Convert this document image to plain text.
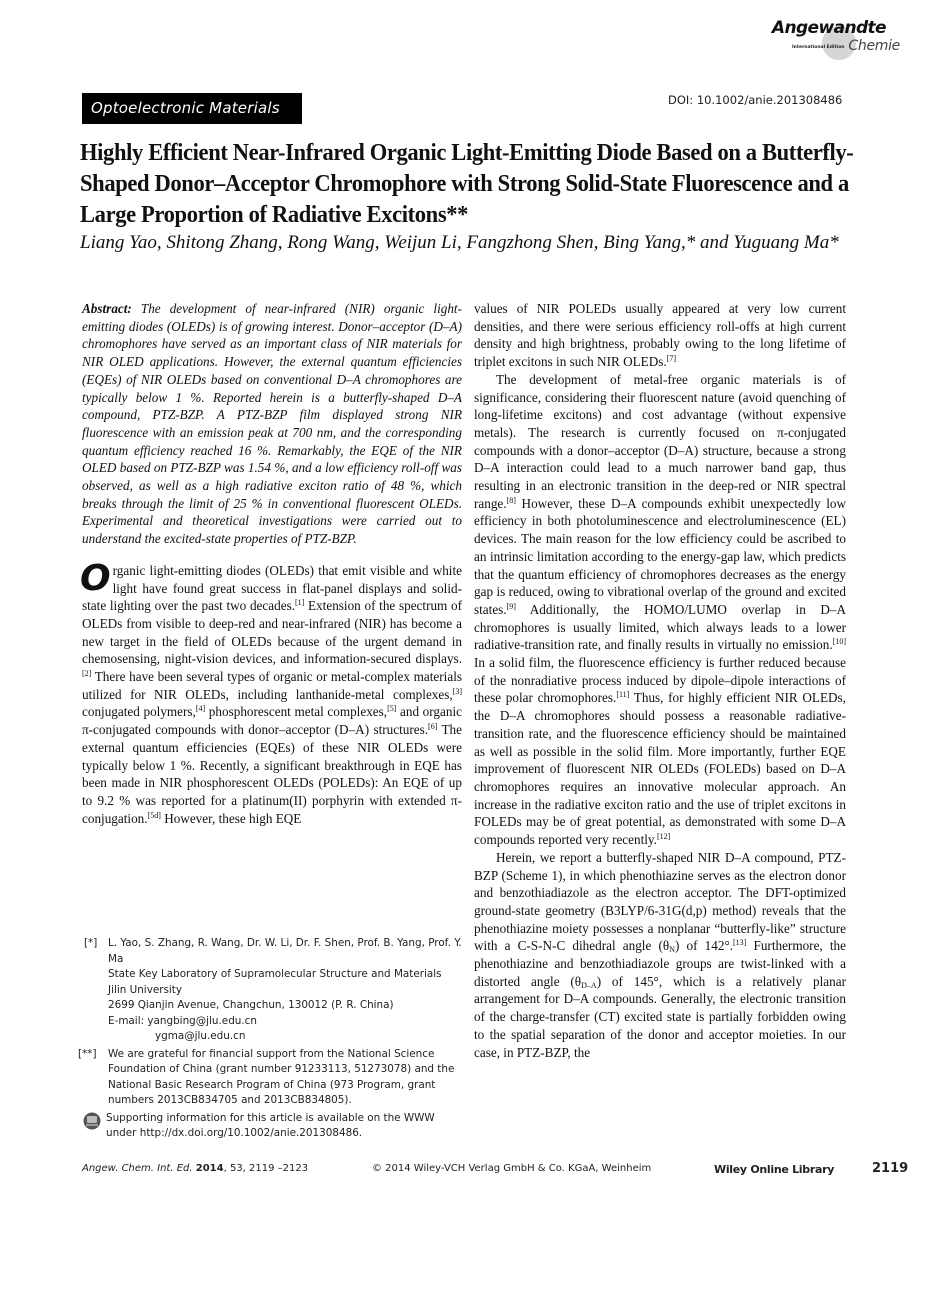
Angewandte
International Edition Chemie
Optoelectronic Materials	DOI: 10.1002/anie.201308486
Highly Efficient Near-Infrared Organic Light-Emitting Diode Based on a Butterfly-Shaped Donor–Acceptor Chromophore with Strong Solid-State Fluorescence and a Large Proportion of Radiative Excitons**
Liang Yao, Shitong Zhang, Rong Wang, Weijun Li, Fangzhong Shen, Bing Yang,* and Yuguang Ma*

Abstract: The development of near-infrared (NIR) organic light-emitting diodes (OLEDs) is of growing interest. Donor–acceptor (D–A) chromophores have served as an important class of NIR materials for NIR OLED applications. However, the external quantum efficiencies (EQEs) of NIR OLEDs based on conventional D–A chromophores are typically below 1 %. Reported herein is a butterfly-shaped D–A compound, PTZ-BZP. A PTZ-BZP film displayed strong NIR fluorescence with an emission peak at 700 nm, and the corresponding quantum efficiency reached 16 %. Remarkably, the EQE of the NIR OLED based on PTZ-BZP was 1.54 %, and a low efficiency roll-off was observed, as well as a high radiative exciton ratio of 48 %, which breaks through the limit of 25 % in conventional fluorescent OLEDs. Experimental and theoretical investigations were carried out to understand the excited-state properties of PTZ-BZP.

Organic light-emitting diodes (OLEDs) that emit visible and white light have found great success in flat-panel displays and solid-state lighting over the past two decades.[1] Extension of the spectrum of OLEDs from visible to deep-red and near-infrared (NIR) has become a new target in the field of OLEDs because of the urgent demand in chemosensing, night-vision devices, and information-secured displays.[2] There have been several types of organic or metal-complex materials utilized for NIR OLEDs, including lanthanide-metal complexes,[3] conjugated polymers,[4] phosphorescent metal complexes,[5] and organic π-conjugated compounds with donor–acceptor (D–A) structures.[6] The external quantum efficiencies (EQEs) of these NIR OLEDs were typically below 1 %. Recently, a significant breakthrough in EQE has been made in NIR phosphorescent OLEDs (POLEDs): An EQE of up to 9.2 % was reported for a platinum(II) porphyrin with extended π-conjugation.[5d] However, these high EQE

values of NIR POLEDs usually appeared at very low current densities, and there were serious efficiency roll-offs at high current density and high brightness, probably owing to the long lifetime of triplet excitons in such NIR OLEDs.[7]

The development of metal-free organic materials is of significance, considering their fluorescent nature (avoid quenching of long-lifetime excitons) and cost advantage (without expensive metals). The research is currently focused on π-conjugated compounds with a donor–acceptor (D–A) structure, because a strong D–A interaction could lead to a much narrower band gap, thus resulting in an electronic transition in the deep-red or NIR spectral range.[8] However, these D–A compounds exhibit unexpectedly low efficiency in both photoluminescence and electroluminescence (EL) devices. The main reason for the low efficiency could be ascribed to an intrinsic limitation according to the energy-gap law, which predicts that the quantum efficiency of chromophores decreases as the energy gap is reduced, owing to vibrational overlap of the ground and excited states.[9] Additionally, the HOMO/LUMO overlap in D–A chromophores is usually limited, which always leads to a lower radiative-transition rate, and finally results in virtually no emission.[10] In a solid film, the fluorescence efficiency is further reduced because of the nonradiative process induced by dipole–dipole interactions of these polar chromophores.[11] Thus, for highly efficient NIR OLEDs, the D–A chromophores should possess a reasonable radiative-transition rate, and the fluorescence efficiency should be maintained as well as possible in the solid film. More importantly, further EQE improvement of fluorescent NIR OLEDs (FOLEDs) based on D–A chromophores requires an innovative molecular approach. An increase in the radiative exciton ratio and the use of triplet excitons in FOLEDs may be of great potential, as demonstrated with some D–A compounds reported very recently.[12]

Herein, we report a butterfly-shaped NIR D–A compound, PTZ-BZP (Scheme 1), in which phenothiazine serves as the electron donor and benzothiadiazole as the electron acceptor. The DFT-optimized ground-state geometry (B3LYP/6-31G(d,p) method) reveals that the phenothiazine moiety possesses a nonplanar “butterfly-like” structure with a C-S-N-C dihedral angle $(\theta_N)$ of 142°.[13] Furthermore, the phenothiazine and benzothiadiazole groups are twist-linked with a distorted angle $(\theta_{D-A})$ of 145°, which is a relatively planar arrangement for D–A compounds. Generally, the electronic transition of the charge-transfer (CT) excited state is partially forbidden owing to the spatial separation of the donor and acceptor moieties. In our case, in PTZ-BZP, the

[*]	L. Yao, S. Zhang, R. Wang, Dr. W. Li, Dr. F. Shen, Prof. B. Yang, Prof. Y. Ma
State Key Laboratory of Supramolecular Structure and Materials
Jilin University
2699 Qianjin Avenue, Changchun, 130012 (P. R. China)
E-mail: yangbing@jlu.edu.cn
ygma@jlu.edu.cn
[**]	We are grateful for financial support from the National Science Foundation of China (grant number 91233113, 51273078) and the National Basic Research Program of China (973 Program, grant numbers 2013CB834705 and 2013CB834805).
Supporting information for this article is available on the WWW under http://dx.doi.org/10.1002/anie.201308486.
Angew. Chem. Int. Ed. 2014, 53, 2119 –2123	© 2014 Wiley-VCH Verlag GmbH & Co. KGaA, Weinheim	Wiley Online Library	2119
